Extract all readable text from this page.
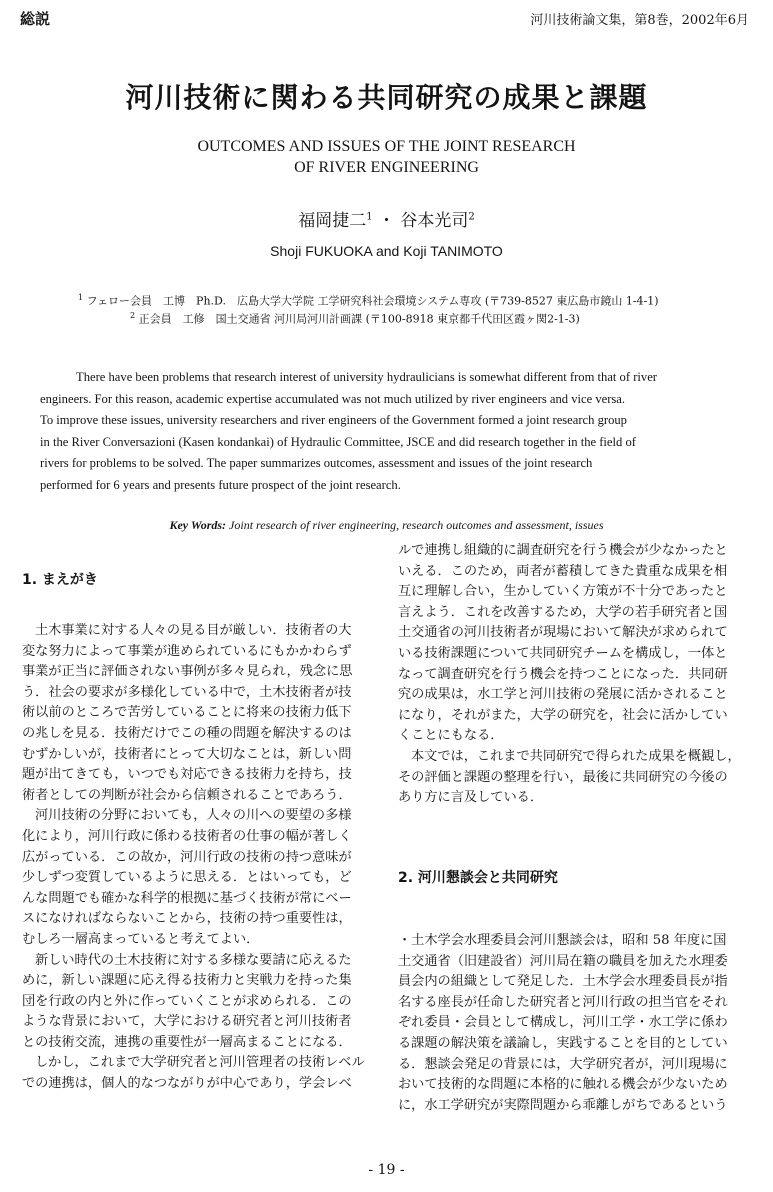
総説	河川技術論文集，第8巻，2002年6月
河川技術に関わる共同研究の成果と課題
OUTCOMES AND ISSUES OF THE JOINT RESEARCH
OF RIVER ENGINEERING
福岡捷二$^1$ ・ 谷本光司$^2$
Shoji FUKUOKA and Koji TANIMOTO
$^1$ フェロー会員　工博　Ph.D.　広島大学大学院 工学研究科社会環境システム専攻 (〒739-8527 東広島市鏡山 1-4-1)
$^2$ 正会員　工修　国土交通省 河川局河川計画課 (〒100-8918 東京都千代田区霞ヶ関2-1-3)
There have been problems that research interest of university hydraulicians is somewhat different from that of river
engineers. For this reason, academic expertise accumulated was not much utilized by river engineers and vice versa.
To improve these issues, university researchers and river engineers of the Government formed a joint research group
in the River Conversazioni (Kasen kondankai) of Hydraulic Committee, JSCE and did research together in the field of
rivers for problems to be solved. The paper summarizes outcomes, assessment and issues of the joint research
performed for 6 years and presents future prospect of the joint research.
Key Words: Joint research of river engineering, research outcomes and assessment, issues
1. まえがき
土木事業に対する人々の見る目が厳しい．技術者の大
変な努力によって事業が進められているにもかかわらず
事業が正当に評価されない事例が多々見られ，残念に思
う．社会の要求が多様化している中で，土木技術者が技
術以前のところで苦労していることに将来の技術力低下
の兆しを見る．技術だけでこの種の問題を解決するのは
むずかしいが，技術者にとって大切なことは，新しい問
題が出てきても，いつでも対応できる技術力を持ち，技
術者としての判断が社会から信頼されることであろう．
河川技術の分野においても，人々の川への要望の多様
化により，河川行政に係わる技術者の仕事の幅が著しく
広がっている．この故か，河川行政の技術の持つ意味が
少しずつ変質しているように思える．とはいっても，ど
んな問題でも確かな科学的根拠に基づく技術が常にベー
スになければならないことから，技術の持つ重要性は，
むしろ一層高まっていると考えてよい．
新しい時代の土木技術に対する多様な要請に応えるた
めに，新しい課題に応え得る技術力と実戦力を持った集
団を行政の内と外に作っていくことが求められる．この
ような背景において，大学における研究者と河川技術者
との技術交流，連携の重要性が一層高まることになる．
しかし，これまで大学研究者と河川管理者の技術レベル
での連携は，個人的なつながりが中心であり，学会レベ
ルで連携し組織的に調査研究を行う機会が少なかったと
いえる．このため，両者が蓄積してきた貴重な成果を相
互に理解し合い，生かしていく方策が不十分であったと
言えよう．これを改善するため，大学の若手研究者と国
土交通省の河川技術者が現場において解決が求められて
いる技術課題について共同研究チームを構成し，一体と
なって調査研究を行う機会を持つことになった．共同研
究の成果は，水工学と河川技術の発展に活かされること
になり，それがまた，大学の研究を，社会に活かしてい
くことにもなる．
本文では，これまで共同研究で得られた成果を概観し，
その評価と課題の整理を行い，最後に共同研究の今後の
あり方に言及している．
2. 河川懇談会と共同研究
・土木学会水理委員会河川懇談会は，昭和 58 年度に国
土交通省（旧建設省）河川局在籍の職員を加えた水理委
員会内の組織として発足した．土木学会水理委員長が指
名する座長が任命した研究者と河川行政の担当官をそれ
ぞれ委員・会員として構成し，河川工学・水工学に係わ
る課題の解決策を議論し，実践することを目的としてい
る．懇談会発足の背景には，大学研究者が，河川現場に
おいて技術的な問題に本格的に触れる機会が少ないため
に，水工学研究が実際問題から乖離しがちであるという
- 19 -
